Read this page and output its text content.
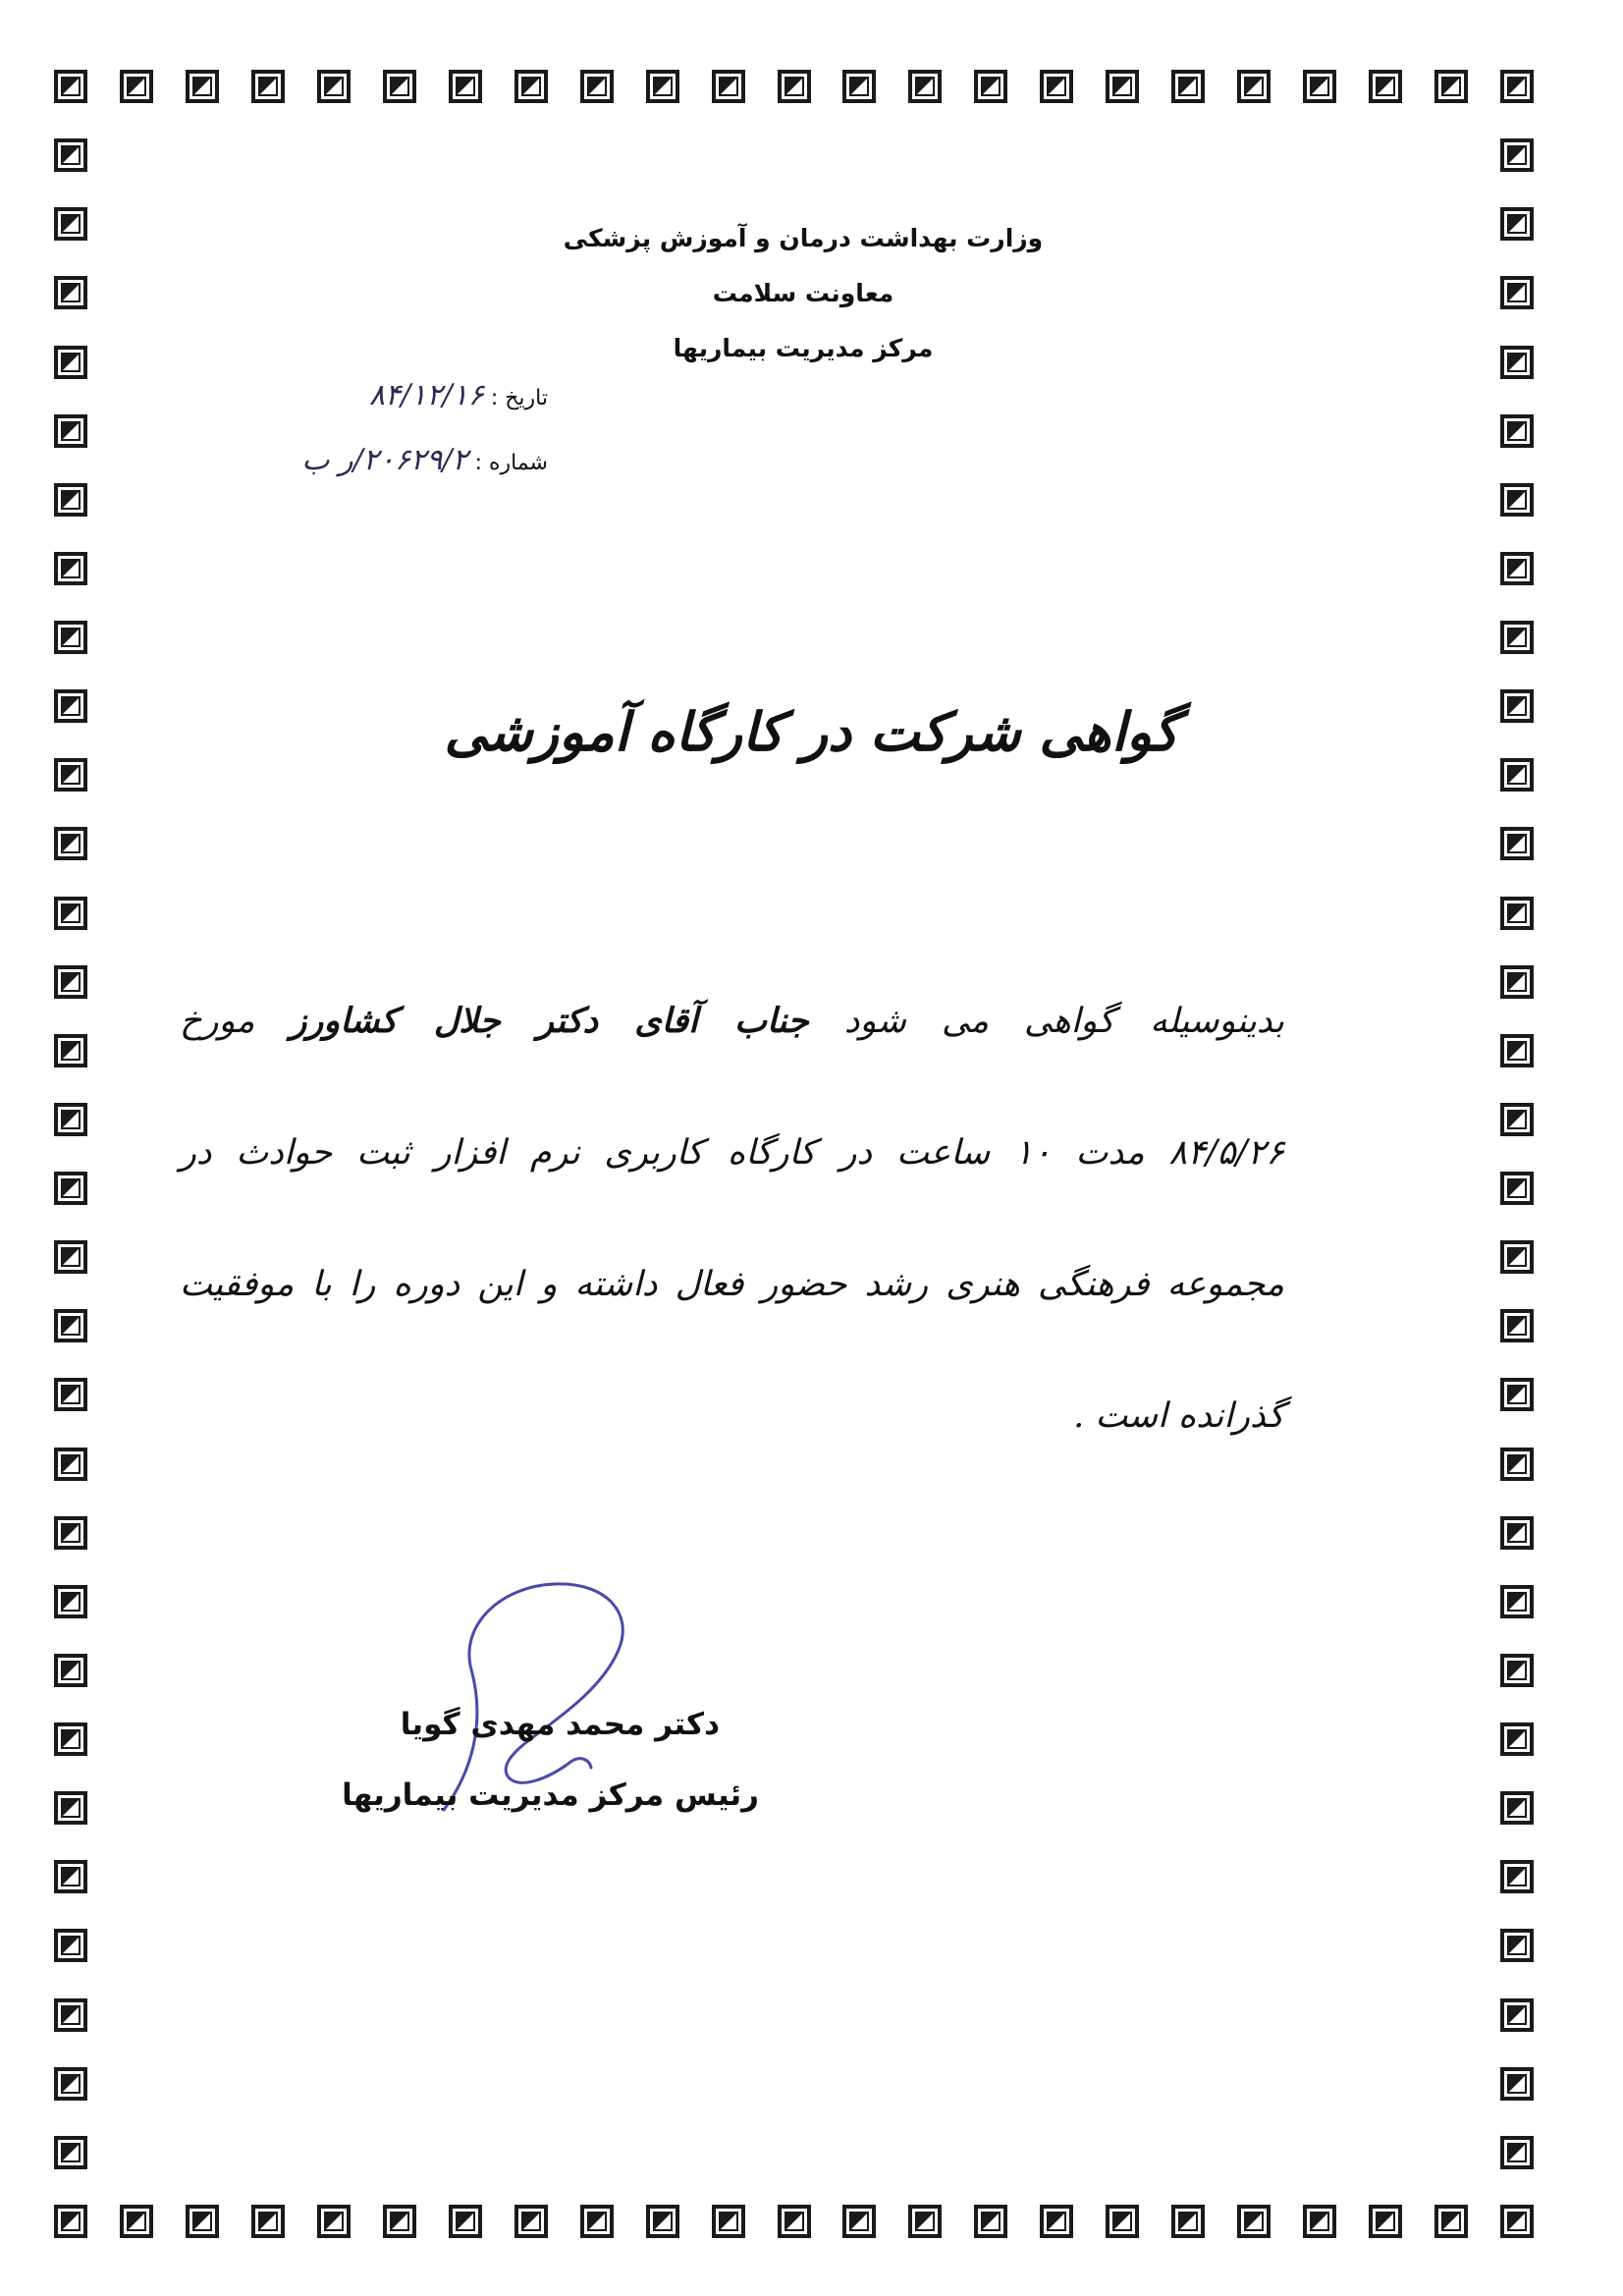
وزارت بهداشت درمان و آموزش پزشکی
معاونت سلامت
مرکز مدیریت بیماریها
تاریخ : ۸۴/۱۲/۱۶
شماره : ۲۰۶۲۹/۲/ر ب
گواهی شرکت در کارگاه آموزشی
بدینوسیله گواهی می شود جناب آقای دکتر جلال کشاورز مورخ
۸۴/۵/۲۶ مدت ۱۰ ساعت در کارگاه کاربری نرم افزار ثبت حوادث در
مجموعه فرهنگی هنری رشد حضور فعال داشته و این دوره را با موفقیت
گذرانده است .
دکتر محمد مهدی گویا
رئیس مرکز مدیریت بیماریها
